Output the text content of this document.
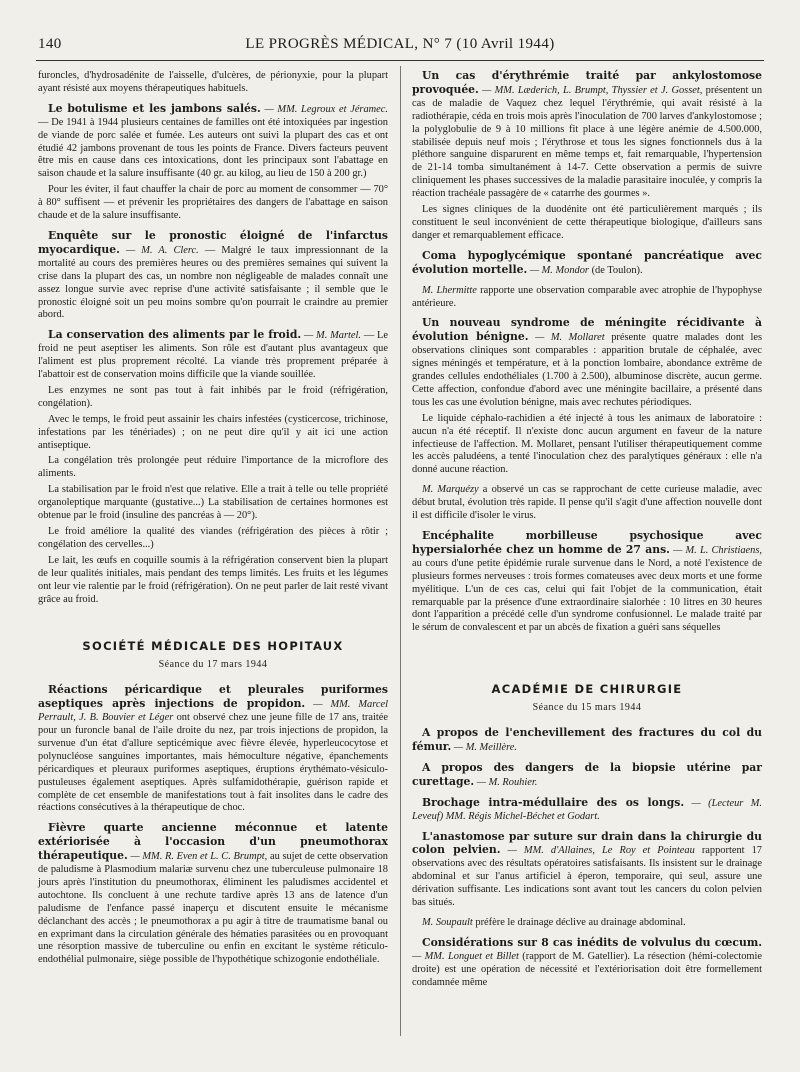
140	LE PROGRÈS MÉDICAL, N° 7 (10 Avril 1944)

furoncles, d'hydrosadénite de l'aisselle, d'ulcères, de périonyxie, pour la plupart ayant résisté aux moyens thérapeutiques habituels.

Le botulisme et les jambons salés. — MM. Legroux et Jéramec. — De 1941 à 1944 plusieurs centaines de familles ont été intoxiquées par ingestion de viande de porc salée et fumée. Les auteurs ont suivi la plupart des cas et ont étudié 42 jambons provenant de tous les points de France. Divers facteurs peuvent être mis en cause dans ces intoxications, dont les principaux sont l'abattage en saison chaude et la salure insuffisante (40 gr. au kilog, au lieu de 150 à 200 gr.)

Pour les éviter, il faut chauffer la chair de porc au moment de consommer — 70° à 80° suffisent — et prévenir les propriétaires des dangers de l'abattage en saison chaude et de la salure insuffisante.

Enquête sur le pronostic éloigné de l'infarctus myocardique. — M. A. Clerc. — Malgré le taux impressionnant de la mortalité au cours des premières heures ou des premières semaines qui suivent la crise dans la plupart des cas, un nombre non négligeable de malades connaît une assez longue survie avec reprise d'une activité satisfaisante ; il semble que le pronostic éloigné soit un peu moins sombre qu'on pourrait le craindre au premier abord.

La conservation des aliments par le froid. — M. Martel. — Le froid ne peut aseptiser les aliments. Son rôle est d'autant plus avantageux que l'aliment est plus proprement récolté. La viande très proprement préparée à l'abattoir est de conservation moins difficile que la viande souillée.

Les enzymes ne sont pas tout à fait inhibés par le froid (réfrigération, congélation).

Avec le temps, le froid peut assainir les chairs infestées (cysticercose, trichinose, infestations par les ténériades) ; on ne peut dire qu'il y ait ici une action antiseptique.

La congélation très prolongée peut réduire l'importance de la microflore des aliments.

La stabilisation par le froid n'est que relative. Elle a trait à telle ou telle propriété organoleptique marquante (gustative...) La stabilisation de certaines hormones est obtenue par le froid (insuline des pancréas à — 20°).

Le froid améliore la qualité des viandes (réfrigération des pièces à rôtir ; congélation des cervelles...)

Le lait, les œufs en coquille soumis à la réfrigération conservent bien la plupart de leur qualités initiales, mais pendant des temps limités. Les fruits et les légumes ont leur vie ralentie par le froid (réfrigération). On ne peut parler de lait resté vivant grâce au froid.

SOCIÉTÉ MÉDICALE DES HOPITAUX
Séance du 17 mars 1944

Réactions péricardique et pleurales puriformes aseptiques après injections de propidon. — MM. Marcel Perrault, J. B. Bouvier et Léger ont observé chez une jeune fille de 17 ans, traitée pour un furoncle banal de l'aile droite du nez, par trois injections de propidon, la survenue d'un état d'allure septicémique avec fièvre élevée, hyperleucocytose et polynucléose sanguines importantes, mais hémoculture négative, épanchements péricardiques et pleuraux puriformes aseptiques, éruptions érythémato-vésiculo-pustuleuses également aseptiques. Après sulfamidothérapie, guérison rapide et complète de cet ensemble de manifestations tout à fait insolites dans le cadre des réactions consécutives à la thérapeutique de choc.

Fièvre quarte ancienne méconnue et latente extériorisée à l'occasion d'un pneumothorax thérapeutique. — MM. R. Even et L. C. Brumpt, au sujet de cette observation de paludisme à Plasmodium malariæ survenu chez une tuberculeuse pulmonaire 18 jours après l'institution du pneumothorax, éliminent les paludismes accidentel et autochtone. Ils concluent à une rechute tardive après 13 ans de latence d'un paludisme de l'enfance passé inaperçu et discutent ensuite le mécanisme déclanchant des accès ; le pneumothorax a pu agir à titre de traumatisme banal ou en exprimant dans la circulation générale des hématies parasitées ou en provoquant une résorption massive de tuberculine ou enfin en excitant le système réticulo-endothélial pulmonaire, siège possible de l'hypothétique schizogonie endothéliale.

Un cas d'érythrémie traité par ankylostomose provoquée. — MM. Læderich, L. Brumpt, Thyssier et J. Gosset, présentent un cas de maladie de Vaquez chez lequel l'érythrémie, qui avait résisté à la radiothérapie, céda en trois mois après l'inoculation de 700 larves d'ankylostomose ; la polyglobulie de 9 à 10 millions fit place à une légère anémie de 4.500.000, stabilisée depuis neuf mois ; l'érythrose et tous les signes fonctionnels dus à la pléthore sanguine disparurent en même temps et, fait remarquable, l'hypertension de 21-14 tomba simultanément à 14-7. Cette observation a permis de suivre cliniquement les phases successives de la maladie parasitaire inoculée, y compris la réaction trachéale passagère de « catarrhe des gourmes ».

Les signes cliniques de la duodénite ont été particulièrement marqués ; ils constituent le seul inconvénient de cette thérapeutique biologique, d'ailleurs sans danger et remarquablement efficace.

Coma hypoglycémique spontané pancréatique avec évolution mortelle. — M. Mondor (de Toulon).

M. Lhermitte rapporte une observation comparable avec atrophie de l'hypophyse antérieure.

Un nouveau syndrome de méningite récidivante à évolution bénigne. — M. Mollaret présente quatre malades dont les observations cliniques sont comparables : apparition brutale de céphalée, avec signes méningés et température, et à la ponction lombaire, abondance extrême de grandes cellules endothéliales (1.700 à 2.500), albuminose discrète, aucun germe. Cette affection, confondue d'abord avec une méningite bacillaire, a présenté dans tous les cas une évolution bénigne, mais avec rechutes périodiques.

Le liquide céphalo-rachidien a été injecté à tous les animaux de laboratoire : aucun n'a été réceptif. Il n'existe donc aucun argument en faveur de la nature infectieuse de l'affection. M. Mollaret, pensant l'utiliser thérapeutiquement comme les accès paludéens, a tenté l'inoculation chez des paralytiques généraux : elle n'a donné aucune réaction.

M. Marquézy a observé un cas se rapprochant de cette curieuse maladie, avec début brutal, évolution très rapide. Il pense qu'il s'agit d'une affection nouvelle dont il est difficile d'isoler le virus.

Encéphalite morbilleuse psychosique avec hypersialorhée chez un homme de 27 ans. — M. L. Christiaens, au cours d'une petite épidémie rurale survenue dans le Nord, a noté l'existence de plusieurs formes nerveuses : trois formes comateuses avec deux morts et une forme myélitique. L'un de ces cas, celui qui fait l'objet de la communication, était remarquable par la présence d'une extraordinaire sialorhée : 10 litres en 30 heures dont l'apparition a précédé celle d'un syndrome confusionnel. Le malade traité par le sérum de convalescent et par un abcès de fixation a guéri sans séquelles

ACADÉMIE DE CHIRURGIE
Séance du 15 mars 1944

A propos de l'enchevillement des fractures du col du fémur. — M. Meillère.

A propos des dangers de la biopsie utérine par curettage. — M. Rouhier.

Brochage intra-médullaire des os longs. — (Lecteur M. Leveuf) MM. Régis Michel-Béchet et Godart.

L'anastomose par suture sur drain dans la chirurgie du colon pelvien. — MM. d'Allaines, Le Roy et Pointeau rapportent 17 observations avec des résultats opératoires satisfaisants. Ils insistent sur le drainage abdominal et sur l'anus artificiel à éperon, temporaire, qui seul, assure une dérivation suffisante. Les indications sont avant tout les cancers du colon pelvien bas situés.

M. Soupault préfère le drainage déclive au drainage abdominal.

Considérations sur 8 cas inédits de volvulus du cœcum. — MM. Longuet et Billet (rapport de M. Gatellier). La résection (hémi-colectomie droite) est une opération de nécessité et l'extériorisation doit être formellement condamnée même
